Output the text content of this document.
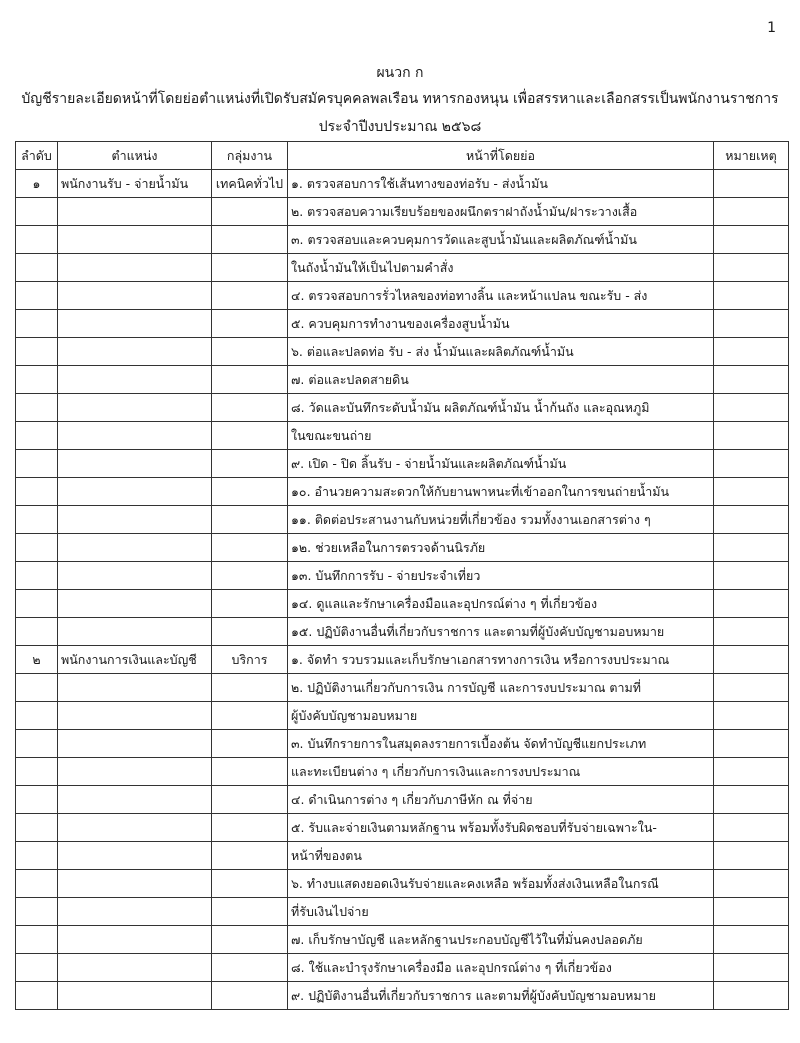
1
ผนวก ก
บัญชีรายละเอียดหน้าที่โดยย่อตำแหน่งที่เปิดรับสมัครบุคคลพลเรือน ทหารกองหนุน เพื่อสรรหาและเลือกสรรเป็นพนักงานราชการ
ประจำปีงบประมาณ ๒๕๖๘
ลำดับ	ตำแหน่ง	กลุ่มงาน	หน้าที่โดยย่อ	หมายเหตุ
๑	พนักงานรับ - จ่ายน้ำมัน	เทคนิคทั่วไป	๑. ตรวจสอบการใช้เส้นทางของท่อรับ - ส่งน้ำมัน	
			๒. ตรวจสอบความเรียบร้อยของผนึกตราฝาถังน้ำมัน/ฝาระวางเสื้อ	
			๓. ตรวจสอบและควบคุมการวัดและสูบน้ำมันและผลิตภัณฑ์น้ำมัน	
			ในถังน้ำมันให้เป็นไปตามคำสั่ง	
			๔. ตรวจสอบการรั่วไหลของท่อทางลิ้น และหน้าแปลน ขณะรับ - ส่ง	
			๕. ควบคุมการทำงานของเครื่องสูบน้ำมัน	
			๖. ต่อและปลดท่อ รับ - ส่ง น้ำมันและผลิตภัณฑ์น้ำมัน	
			๗. ต่อและปลดสายดิน	
			๘. วัดและบันทึกระดับน้ำมัน ผลิตภัณฑ์น้ำมัน น้ำก้นถัง และอุณหภูมิ	
			ในขณะขนถ่าย	
			๙. เปิด - ปิด ลิ้นรับ - จ่ายน้ำมันและผลิตภัณฑ์น้ำมัน	
			๑๐. อำนวยความสะดวกให้กับยานพาหนะที่เข้าออกในการขนถ่ายน้ำมัน	
			๑๑. ติดต่อประสานงานกับหน่วยที่เกี่ยวข้อง รวมทั้งงานเอกสารต่าง ๆ	
			๑๒. ช่วยเหลือในการตรวจด้านนิรภัย	
			๑๓. บันทึกการรับ - จ่ายประจำเที่ยว	
			๑๔. ดูแลและรักษาเครื่องมือและอุปกรณ์ต่าง ๆ ที่เกี่ยวข้อง	
			๑๕. ปฏิบัติงานอื่นที่เกี่ยวกับราชการ และตามที่ผู้บังคับบัญชามอบหมาย	
๒	พนักงานการเงินและบัญชี	บริการ	๑. จัดทำ รวบรวมและเก็บรักษาเอกสารทางการเงิน หรือการงบประมาณ	
			๒. ปฏิบัติงานเกี่ยวกับการเงิน การบัญชี และการงบประมาณ ตามที่	
			ผู้บังคับบัญชามอบหมาย	
			๓. บันทึกรายการในสมุดลงรายการเบื้องต้น จัดทำบัญชีแยกประเภท	
			และทะเบียนต่าง ๆ เกี่ยวกับการเงินและการงบประมาณ	
			๔. ดำเนินการต่าง ๆ เกี่ยวกับภาษีหัก ณ ที่จ่าย	
			๕. รับและจ่ายเงินตามหลักฐาน พร้อมทั้งรับผิดชอบที่รับจ่ายเฉพาะใน-	
			หน้าที่ของตน	
			๖. ทำงบแสดงยอดเงินรับจ่ายและคงเหลือ พร้อมทั้งส่งเงินเหลือในกรณี	
			ที่รับเงินไปจ่าย	
			๗. เก็บรักษาบัญชี และหลักฐานประกอบบัญชีไว้ในที่มั่นคงปลอดภัย	
			๘. ใช้และบำรุงรักษาเครื่องมือ และอุปกรณ์ต่าง ๆ ที่เกี่ยวข้อง	
			๙. ปฏิบัติงานอื่นที่เกี่ยวกับราชการ และตามที่ผู้บังคับบัญชามอบหมาย	
